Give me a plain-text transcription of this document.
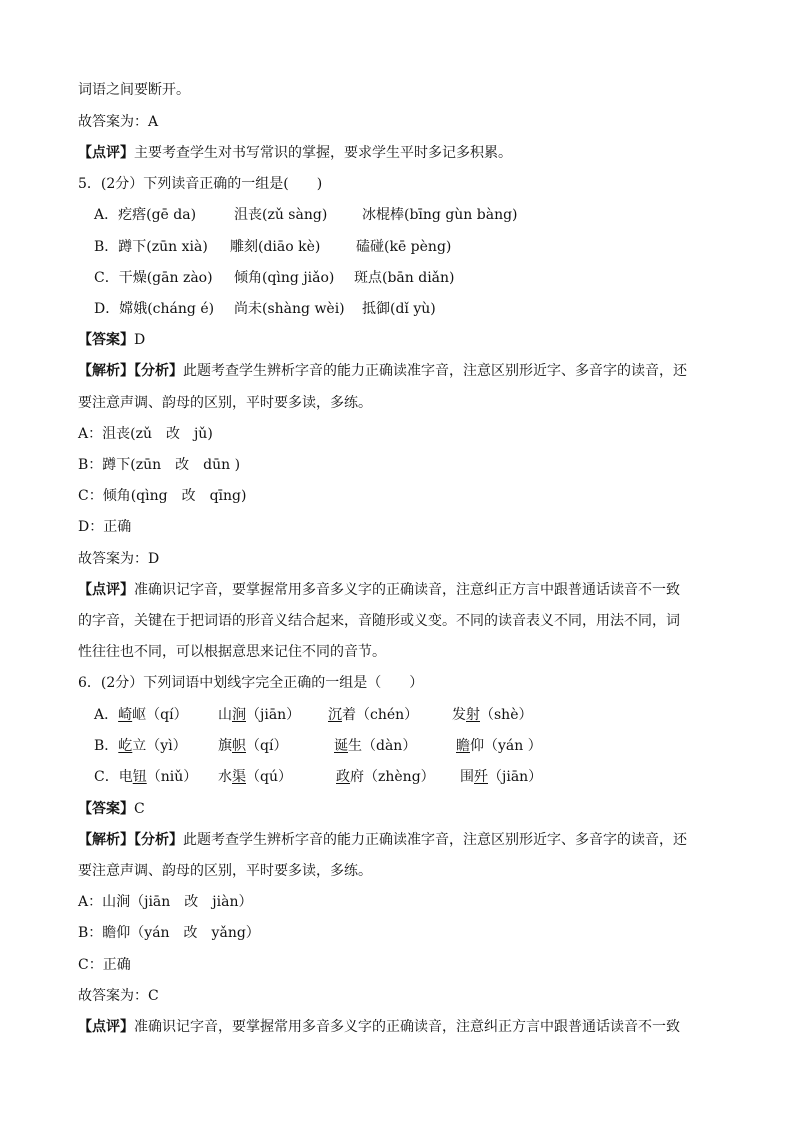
词语之间要断开。
故答案为：A
【点评】主要考查学生对书写常识的掌握，要求学生平时多记多积累。
5．(2分）下列读音正确的一组是(　　)
A．疙瘩(gē da)	沮丧(zǔ sàng) 冰棍棒(bīng gùn bàng)
B．蹲下(zūn xià) 雕刻(diāo kè)	磕碰(kē pèng)
C．干燥(gān zào) 倾角(qìng jiǎo) 斑点(bān diǎn)
D．嫦娥(cháng é) 尚未(shàng wèi) 抵御(dǐ yù)
【答案】D
【解析】【分析】此题考查学生辨析字音的能力正确读准字音，注意区别形近字、多音字的读音，还
要注意声调、韵母的区别，平时要多读，多练。
A：沮丧(zǔ　改　jǔ)
B：蹲下(zūn　改　dūn )
C：倾角(qìng　改　qīng)
D：正确
故答案为：D
【点评】准确识记字音，要掌握常用多音多义字的正确读音，注意纠正方言中跟普通话读音不一致
的字音，关键在于把词语的形音义结合起来，音随形或义变。不同的读音表义不同，用法不同，词
性往往也不同，可以根据意思来记住不同的音节。
6．(2分）下列词语中划线字完全正确的一组是（　　）
A．崎岖（qí） 山涧（jiān） 沉着（chén） 发射（shè）
B．屹立（yì） 旗帜（qí）	诞生（dàn）	瞻仰（yán ）
C．电钮（niǔ） 水渠（qú）	政府（zhèng） 围歼（jiān）
【答案】C
【解析】【分析】此题考查学生辨析字音的能力正确读准字音，注意区别形近字、多音字的读音，还
要注意声调、韵母的区别，平时要多读，多练。
A：山涧（jiān　改　jiàn）
B：瞻仰（yán　改　yǎng）
C：正确
故答案为：C
【点评】准确识记字音，要掌握常用多音多义字的正确读音，注意纠正方言中跟普通话读音不一致
